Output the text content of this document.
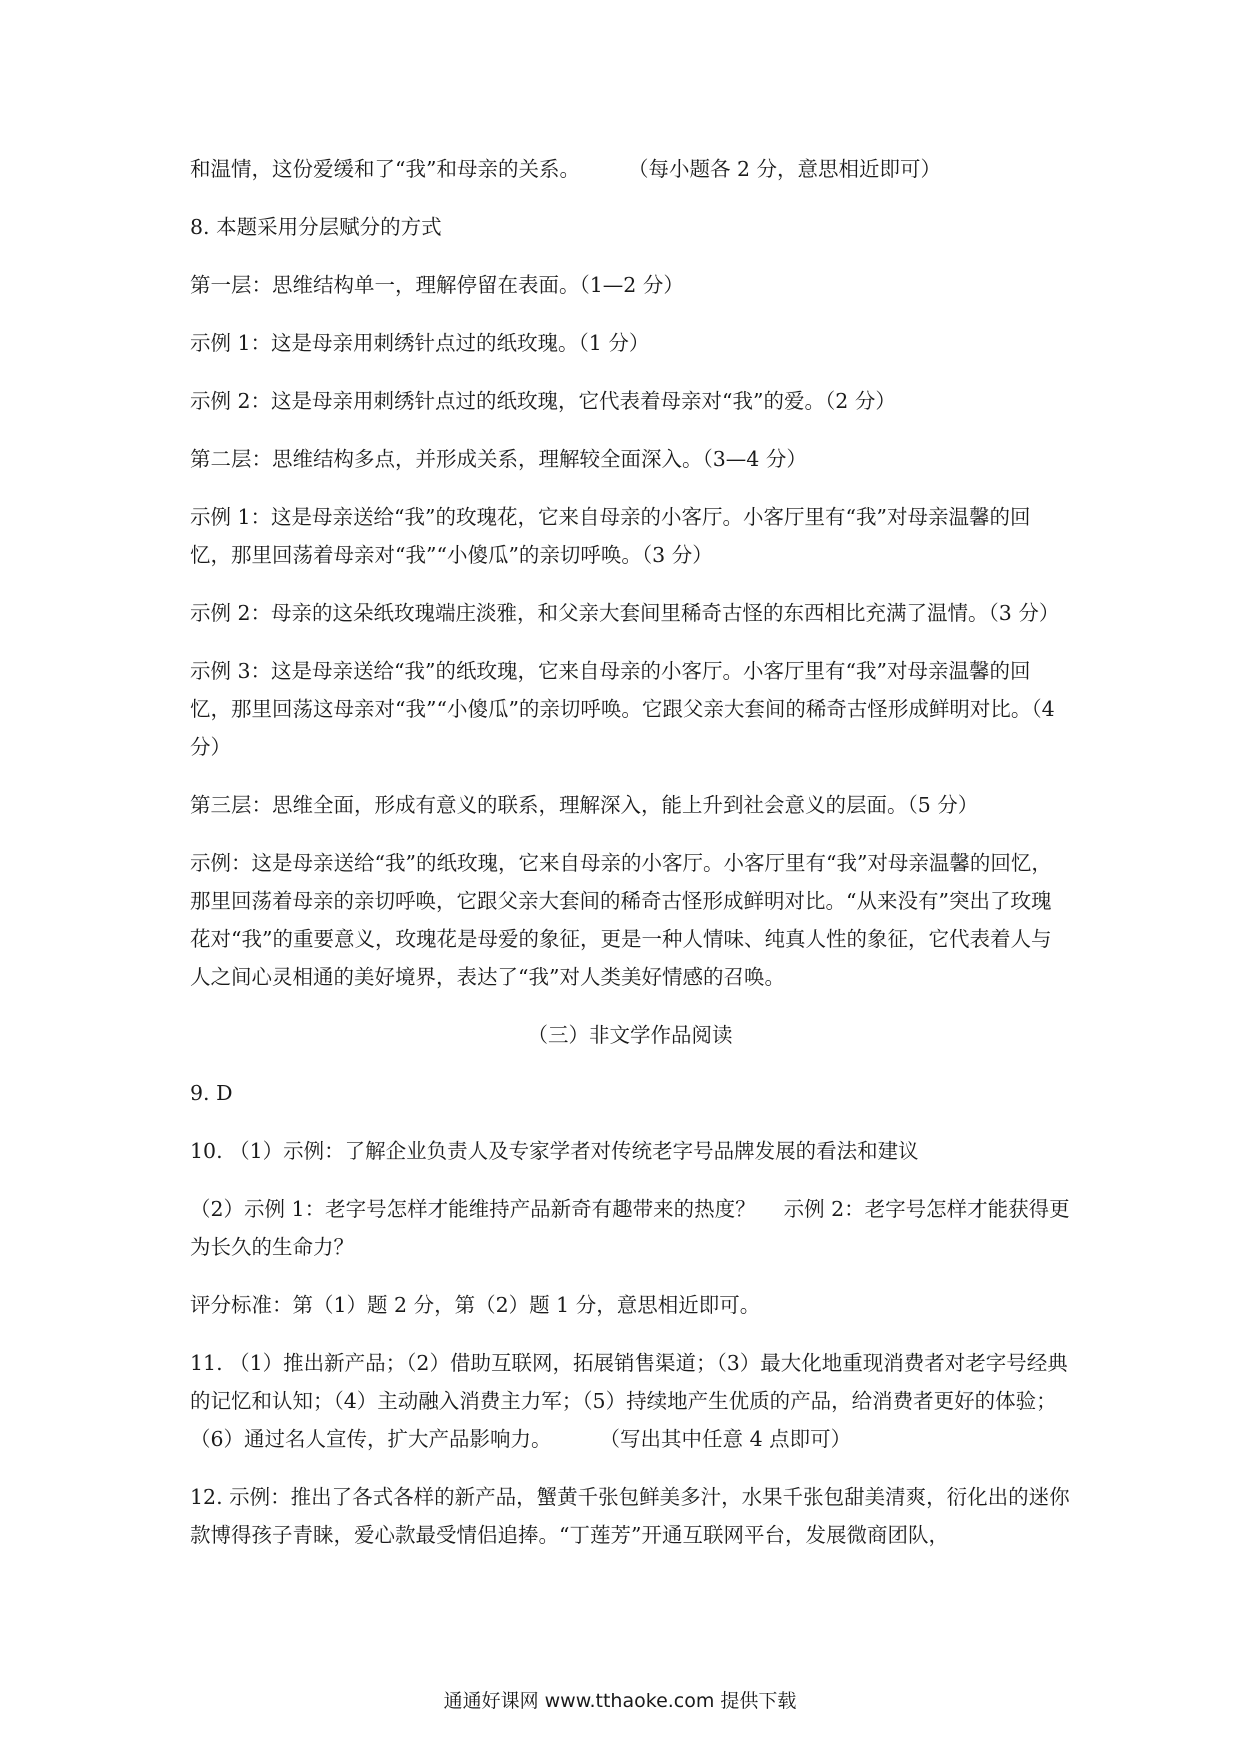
和温情，这份爱缓和了“我”和母亲的关系。 （每小题各 2 分，意思相近即可）

8. 本题采用分层赋分的方式

第一层：思维结构单一，理解停留在表面。（1—2 分）

示例 1：这是母亲用刺绣针点过的纸玫瑰。（1 分）

示例 2：这是母亲用刺绣针点过的纸玫瑰，它代表着母亲对“我”的爱。（2 分）

第二层：思维结构多点，并形成关系，理解较全面深入。（3—4 分）

示例 1：这是母亲送给“我”的玫瑰花，它来自母亲的小客厅。小客厅里有“我”对母亲温馨的回忆，那里回荡着母亲对“我”“小傻瓜”的亲切呼唤。（3 分）

示例 2：母亲的这朵纸玫瑰端庄淡雅，和父亲大套间里稀奇古怪的东西相比充满了温情。（3 分）

示例 3：这是母亲送给“我”的纸玫瑰，它来自母亲的小客厅。小客厅里有“我”对母亲温馨的回忆，那里回荡这母亲对“我”“小傻瓜”的亲切呼唤。它跟父亲大套间的稀奇古怪形成鲜明对比。（4 分）

第三层：思维全面，形成有意义的联系，理解深入，能上升到社会意义的层面。（5 分）

示例：这是母亲送给“我”的纸玫瑰，它来自母亲的小客厅。小客厅里有“我”对母亲温馨的回忆，那里回荡着母亲的亲切呼唤，它跟父亲大套间的稀奇古怪形成鲜明对比。“从来没有”突出了玫瑰花对“我”的重要意义，玫瑰花是母爱的象征，更是一种人情味、纯真人性的象征，它代表着人与人之间心灵相通的美好境界，表达了“我”对人类美好情感的召唤。

（三）非文学作品阅读

9. D

10. （1）示例：了解企业负责人及专家学者对传统老字号品牌发展的看法和建议

（2）示例 1：老字号怎样才能维持产品新奇有趣带来的热度？ 示例 2：老字号怎样才能获得更为长久的生命力？

评分标准：第（1）题 2 分，第（2）题 1 分，意思相近即可。

11. （1）推出新产品；（2）借助互联网，拓展销售渠道；（3）最大化地重现消费者对老字号经典的记忆和认知；（4）主动融入消费主力军；（5）持续地产生优质的产品，给消费者更好的体验；（6）通过名人宣传，扩大产品影响力。 （写出其中任意 4 点即可）

12. 示例：推出了各式各样的新产品，蟹黄千张包鲜美多汁，水果千张包甜美清爽，衍化出的迷你款博得孩子青睐，爱心款最受情侣追捧。“丁莲芳”开通互联网平台，发展微商团队，

通通好课网 www.tthaoke.com 提供下载
